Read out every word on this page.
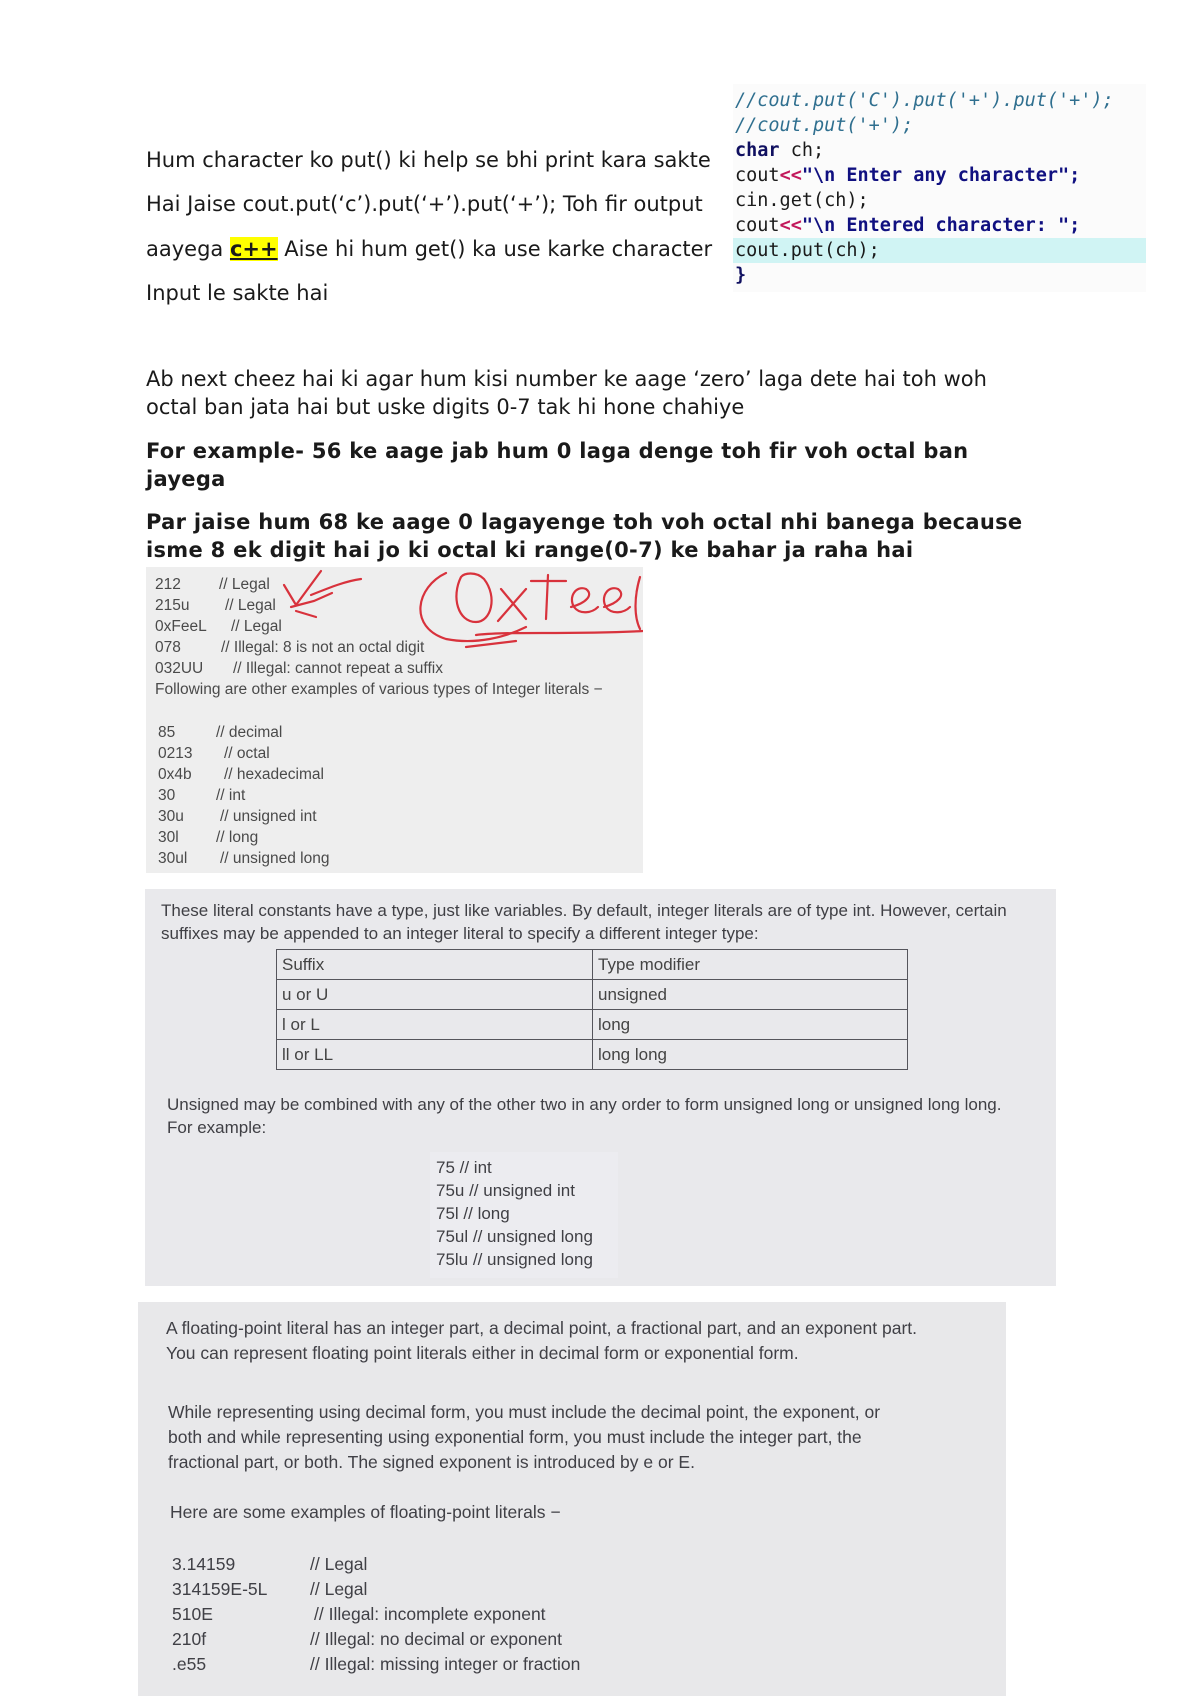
Hum character ko put() ki help se bhi print kara sakte
Hai Jaise cout.put(‘c’).put(‘+’).put(‘+’); Toh fir output
aayega c++ Aise hi hum get() ka use karke character
Input le sakte hai
//cout.put('C').put('+').put('+');
//cout.put('+');
char ch;
cout<<"\n Enter any character";
cin.get(ch);
cout<<"\n Entered character: ";
cout.put(ch);
}
Ab next cheez hai ki agar hum kisi number ke aage ‘zero’ laga dete hai toh woh
octal ban jata hai but uske digits 0-7 tak hi hone chahiye
For example- 56 ke aage jab hum 0 laga denge toh fir voh octal ban
jayega
Par jaise hum 68 ke aage 0 lagayenge toh voh octal nhi banega because
isme 8 ek digit hai jo ki octal ki range(0-7) ke bahar ja raha hai
212 // Legal
215u // Legal
0xFeeL // Legal
078	// Illegal: 8 is not an octal digit
032UU // Illegal: cannot repeat a suffix
Following are other examples of various types of Integer literals −
85	// decimal
0213 // octal
0x4b // hexadecimal
30	// int
30u // unsigned int
30l // long
30ul // unsigned long
These literal constants have a type, just like variables. By default, integer literals are of type int. However, certain
suffixes may be appended to an integer literal to specify a different integer type:
Suffix	Type modifier
u or U	unsigned
l or L	long
ll or LL	long long
Unsigned may be combined with any of the other two in any order to form unsigned long or unsigned long long.
For example:
75 // int
75u // unsigned int
75l // long
75ul // unsigned long
75lu // unsigned long
A floating-point literal has an integer part, a decimal point, a fractional part, and an exponent part.
You can represent floating point literals either in decimal form or exponential form.
While representing using decimal form, you must include the decimal point, the exponent, or
both and while representing using exponential form, you must include the integer part, the
fractional part, or both. The signed exponent is introduced by e or E.
Here are some examples of floating-point literals −
3.14159	// Legal
314159E-5L // Legal
510E	// Illegal: incomplete exponent
210f	// Illegal: no decimal or exponent
.e55	// Illegal: missing integer or fraction
